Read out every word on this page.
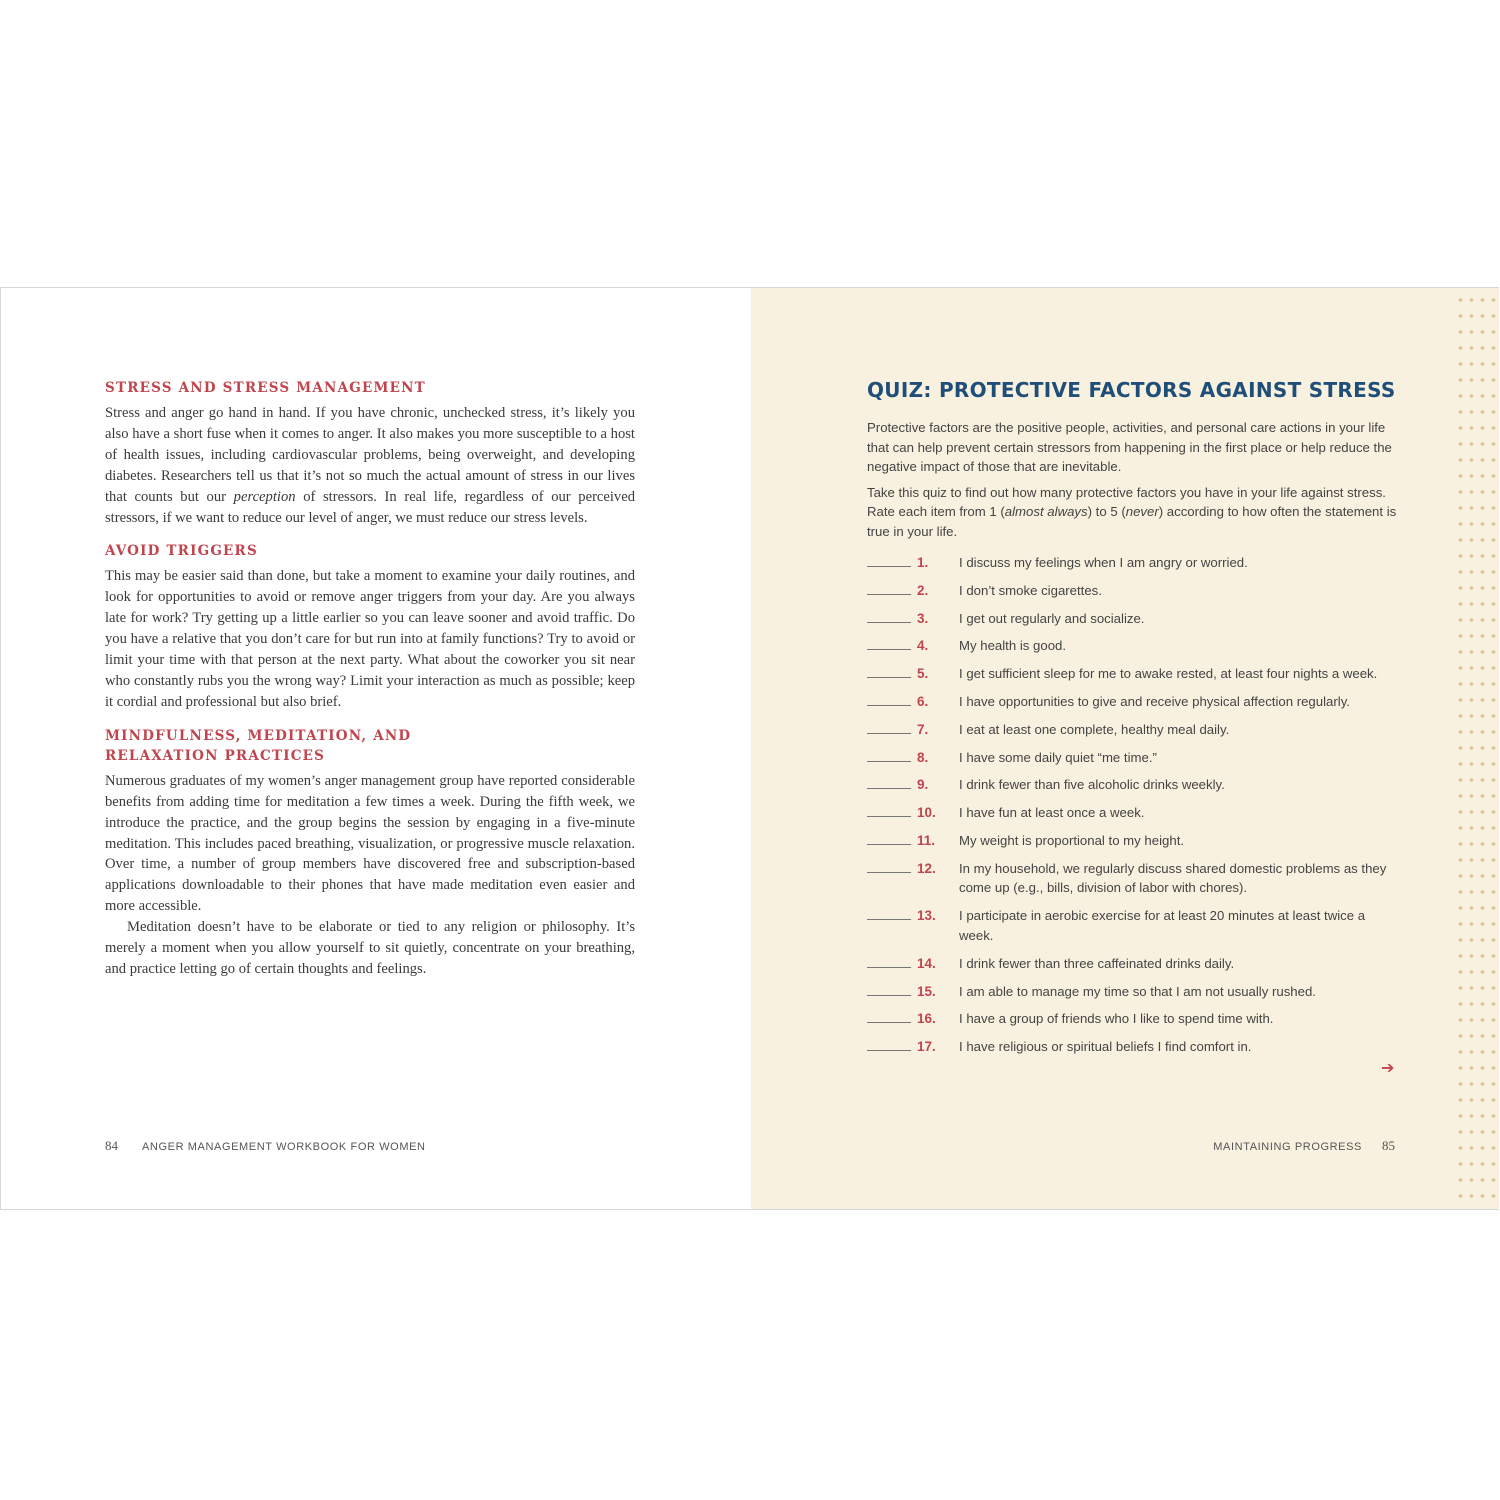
STRESS AND STRESS MANAGEMENT

Stress and anger go hand in hand. If you have chronic, unchecked stress, it’s likely you also have a short fuse when it comes to anger. It also makes you more susceptible to a host of health issues, including cardiovascular problems, being overweight, and developing diabetes. Researchers tell us that it’s not so much the actual amount of stress in our lives that counts but our perception of stressors. In real life, regardless of our perceived stressors, if we want to reduce our level of anger, we must reduce our stress levels.

AVOID TRIGGERS

This may be easier said than done, but take a moment to examine your daily routines, and look for opportunities to avoid or remove anger triggers from your day. Are you always late for work? Try getting up a little earlier so you can leave sooner and avoid traffic. Do you have a relative that you don’t care for but run into at family functions? Try to avoid or limit your time with that person at the next party. What about the coworker you sit near who constantly rubs you the wrong way? Limit your interaction as much as possible; keep it cordial and professional but also brief.

MINDFULNESS, MEDITATION, AND RELAXATION PRACTICES

Numerous graduates of my women’s anger management group have reported considerable benefits from adding time for meditation a few times a week. During the fifth week, we introduce the practice, and the group begins the session by engaging in a five-minute meditation. This includes paced breathing, visualization, or progressive muscle relaxation. Over time, a number of group members have discovered free and subscription-based applications downloadable to their phones that have made meditation even easier and more accessible.

Meditation doesn’t have to be elaborate or tied to any religion or philosophy. It’s merely a moment when you allow yourself to sit quietly, concentrate on your breathing, and practice letting go of certain thoughts and feelings.

84 ANGER MANAGEMENT WORKBOOK FOR WOMEN
QUIZ: PROTECTIVE FACTORS AGAINST STRESS

Protective factors are the positive people, activities, and personal care actions in your life that can help prevent certain stressors from happening in the first place or help reduce the negative impact of those that are inevitable.

Take this quiz to find out how many protective factors you have in your life against stress. Rate each item from 1 (almost always) to 5 (never) according to how often the statement is true in your life.

1.	I discuss my feelings when I am angry or worried.
2.	I don’t smoke cigarettes.
3.	I get out regularly and socialize.
4.	My health is good.
5.	I get sufficient sleep for me to awake rested, at least four nights a week.
6.	I have opportunities to give and receive physical affection regularly.
7.	I eat at least one complete, healthy meal daily.
8.	I have some daily quiet “me time.”
9.	I drink fewer than five alcoholic drinks weekly.
10.	I have fun at least once a week.
11.	My weight is proportional to my height.
12.	In my household, we regularly discuss shared domestic problems as they come up (e.g., bills, division of labor with chores).
13.	I participate in aerobic exercise for at least 20 minutes at least twice a week.
14.	I drink fewer than three caffeinated drinks daily.
15.	I am able to manage my time so that I am not usually rushed.
16.	I have a group of friends who I like to spend time with.
17.	I have religious or spiritual beliefs I find comfort in.
➔
MAINTAINING PROGRESS 85
